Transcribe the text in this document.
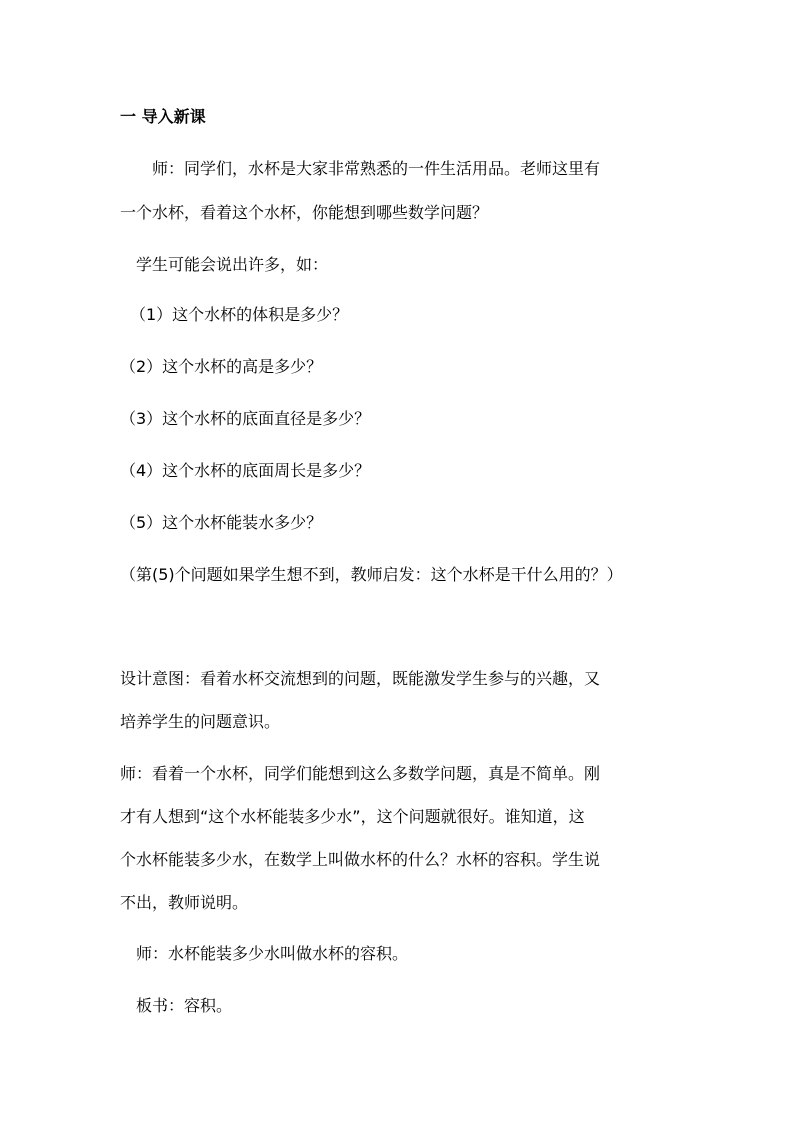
一 导入新课
师：同学们，水杯是大家非常熟悉的一件生活用品。老师这里有
一个水杯，看着这个水杯，你能想到哪些数学问题？
学生可能会说出许多，如：
（1）这个水杯的体积是多少？
（2）这个水杯的高是多少？
（3）这个水杯的底面直径是多少？
（4）这个水杯的底面周长是多少？
（5）这个水杯能装水多少？
（第(5)个问题如果学生想不到，教师启发：这个水杯是干什么用的？）
设计意图：看着水杯交流想到的问题，既能激发学生参与的兴趣，又
培养学生的问题意识。
师：看着一个水杯，同学们能想到这么多数学问题，真是不简单。刚
才有人想到“这个水杯能装多少水”，这个问题就很好。谁知道，这
个水杯能装多少水，在数学上叫做水杯的什么？水杯的容积。学生说
不出，教师说明。
师：水杯能装多少水叫做水杯的容积。
板书：容积。
